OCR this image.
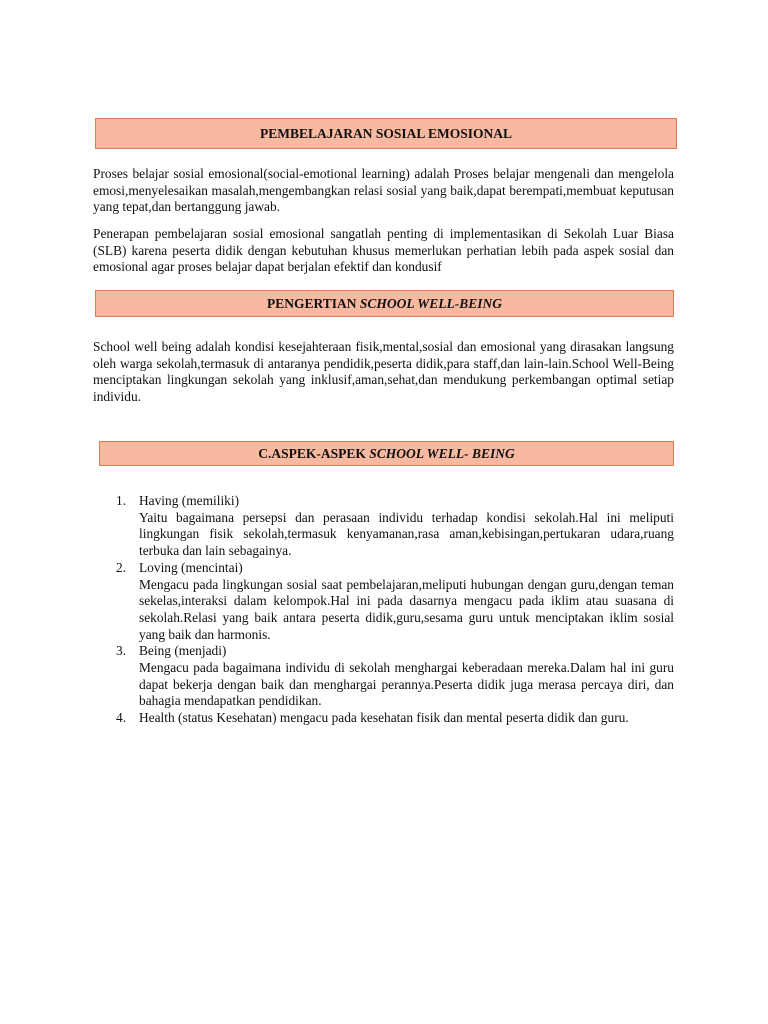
PEMBELAJARAN SOSIAL EMOSIONAL

Proses belajar sosial emosional(social-emotional learning) adalah Proses belajar mengenali dan mengelola emosi,menyelesaikan masalah,mengembangkan relasi sosial yang baik,dapat berempati,membuat keputusan yang tepat,dan bertanggung jawab.

Penerapan pembelajaran sosial emosional sangatlah penting di implementasikan di Sekolah Luar Biasa (SLB) karena peserta didik dengan kebutuhan khusus memerlukan perhatian lebih pada aspek sosial dan emosional agar proses belajar dapat berjalan efektif dan kondusif

PENGERTIAN SCHOOL WELL-BEING

School well being adalah kondisi kesejahteraan fisik,mental,sosial dan emosional yang dirasakan langsung oleh warga sekolah,termasuk di antaranya pendidik,peserta didik,para staff,dan lain-lain.School Well-Being menciptakan lingkungan sekolah yang inklusif,aman,sehat,dan mendukung perkembangan optimal setiap individu.

C.ASPEK-ASPEK SCHOOL WELL- BEING
1. Having (memiliki)
Yaitu bagaimana persepsi dan perasaan individu terhadap kondisi sekolah.Hal ini meliputi lingkungan fisik sekolah,termasuk kenyamanan,rasa aman,kebisingan,pertukaran udara,ruang terbuka dan lain sebagainya.
2. Loving (mencintai)
Mengacu pada lingkungan sosial saat pembelajaran,meliputi hubungan dengan guru,dengan teman sekelas,interaksi dalam kelompok.Hal ini pada dasarnya mengacu pada iklim atau suasana di sekolah.Relasi yang baik antara peserta didik,guru,sesama guru untuk menciptakan iklim sosial yang baik dan harmonis.
3. Being (menjadi)
Mengacu pada bagaimana individu di sekolah menghargai keberadaan mereka.Dalam hal ini guru dapat bekerja dengan baik dan menghargai perannya.Peserta didik juga merasa percaya diri, dan bahagia mendapatkan pendidikan.
4. Health (status Kesehatan) mengacu pada kesehatan fisik dan mental peserta didik dan guru.
